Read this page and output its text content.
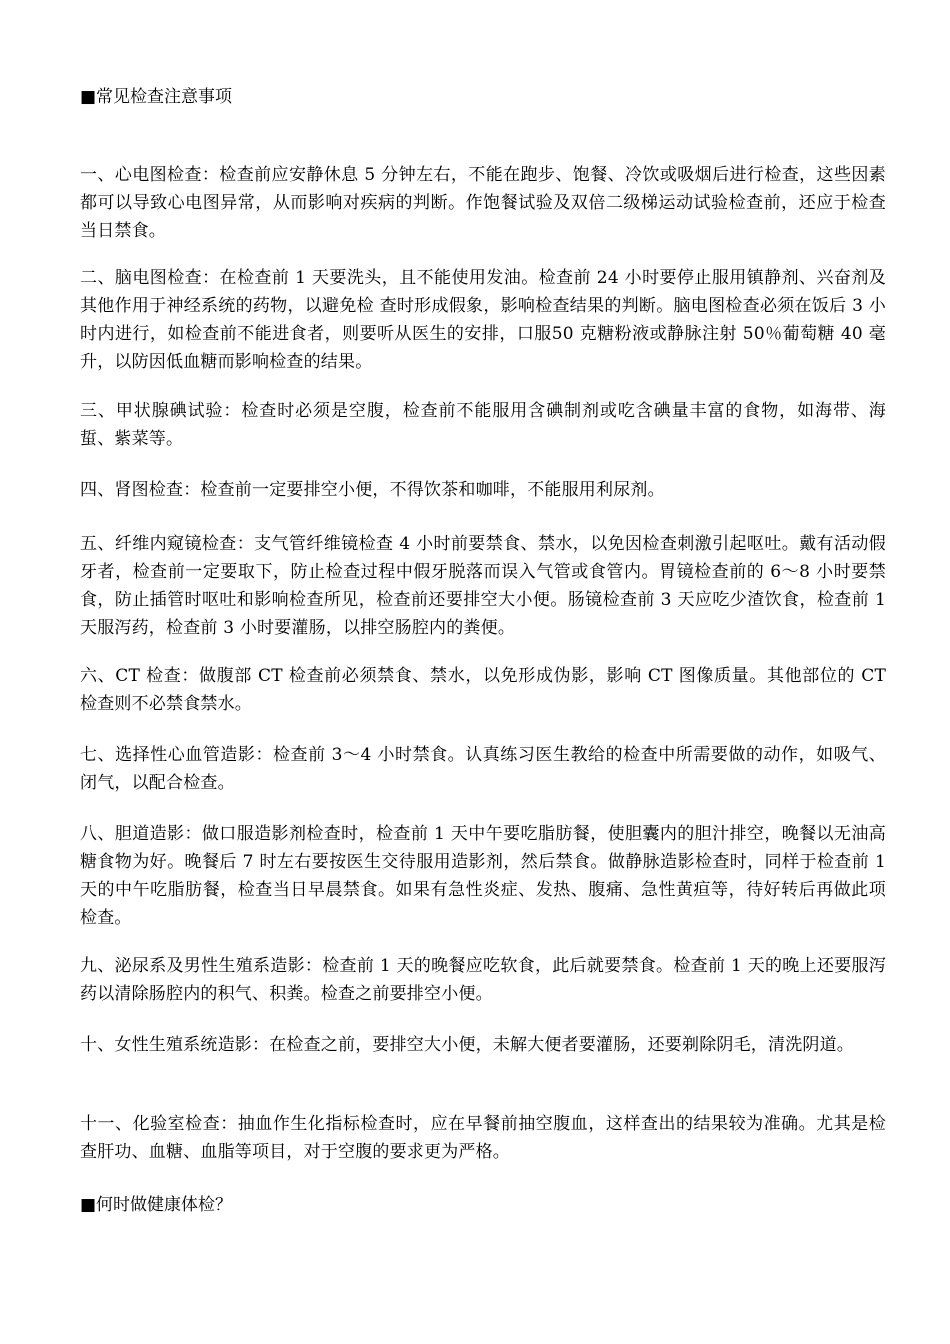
■常见检查注意事项
一、心电图检查：检查前应安静休息 5 分钟左右，不能在跑步、饱餐、冷饮或吸烟后进行检查，这些因素都可以导致心电图异常，从而影响对疾病的判断。作饱餐试验及双倍二级梯运动试验检查前，还应于检查当日禁食。
二、脑电图检查：在检查前 1 天要洗头，且不能使用发油。检查前 24 小时要停止服用镇静剂、兴奋剂及其他作用于神经系统的药物，以避免检 查时形成假象，影响检查结果的判断。脑电图检查必须在饭后 3 小时内进行，如检查前不能进食者，则要听从医生的安排，口服50 克糖粉液或静脉注射 50％葡萄糖 40 毫升，以防因低血糖而影响检查的结果。
三、甲状腺碘试验：检查时必须是空腹，检查前不能服用含碘制剂或吃含碘量丰富的食物，如海带、海蜇、紫菜等。
四、肾图检查：检查前一定要排空小便，不得饮茶和咖啡，不能服用利尿剂。
五、纤维内窥镜检查：支气管纤维镜检查 4 小时前要禁食、禁水，以免因检查刺激引起呕吐。戴有活动假牙者，检查前一定要取下，防止检查过程中假牙脱落而误入气管或食管内。胃镜检查前的 6～8 小时要禁食，防止插管时呕吐和影响检查所见，检查前还要排空大小便。肠镜检查前 3 天应吃少渣饮食，检查前 1 天服泻药，检查前 3 小时要灌肠，以排空肠腔内的粪便。
六、CT 检查：做腹部 CT 检查前必须禁食、禁水，以免形成伪影，影响 CT 图像质量。其他部位的 CT 检查则不必禁食禁水。
七、选择性心血管造影：检查前 3～4 小时禁食。认真练习医生教给的检查中所需要做的动作，如吸气、闭气，以配合检查。
八、胆道造影：做口服造影剂检查时，检查前 1 天中午要吃脂肪餐，使胆囊内的胆汁排空，晚餐以无油高糖食物为好。晚餐后 7 时左右要按医生交待服用造影剂，然后禁食。做静脉造影检查时，同样于检查前 1 天的中午吃脂肪餐，检查当日早晨禁食。如果有急性炎症、发热、腹痛、急性黄疸等，待好转后再做此项检查。
九、泌尿系及男性生殖系造影：检查前 1 天的晚餐应吃软食，此后就要禁食。检查前 1 天的晚上还要服泻药以清除肠腔内的积气、积粪。检查之前要排空小便。
十、女性生殖系统造影：在检查之前，要排空大小便，未解大便者要灌肠，还要剃除阴毛，清洗阴道。
十一、化验室检查：抽血作生化指标检查时，应在早餐前抽空腹血，这样查出的结果较为准确。尤其是检查肝功、血糖、血脂等项目，对于空腹的要求更为严格。
■何时做健康体检？
